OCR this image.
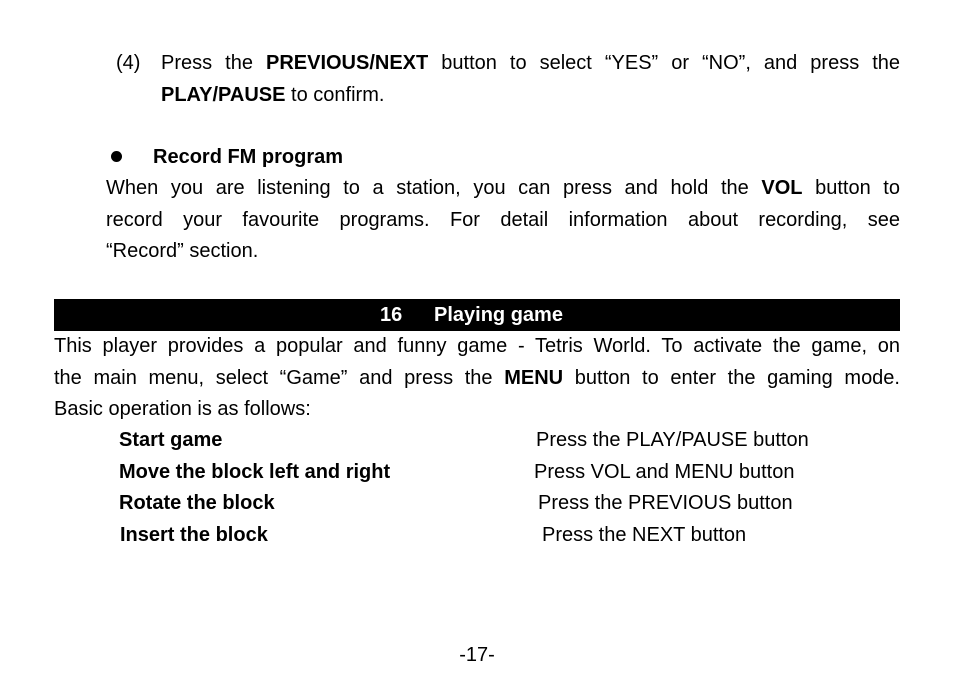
(4) Press the PREVIOUS/NEXT button to select “YES” or “NO”, and press the
PLAY/PAUSE to confirm.
Record FM program
When you are listening to a station, you can press and hold the VOL button to
record your favourite programs. For detail information about recording, see
“Record” section.
16 Playing game
This player provides a popular and funny game - Tetris World. To activate the game, on
the main menu, select “Game” and press the MENU button to enter the gaming mode.
Basic operation is as follows:
Start game	Press the PLAY/PAUSE button
Move the block left and right	Press VOL and MENU button
Rotate the block	Press the PREVIOUS button
Insert the block	Press the NEXT button
-17-
